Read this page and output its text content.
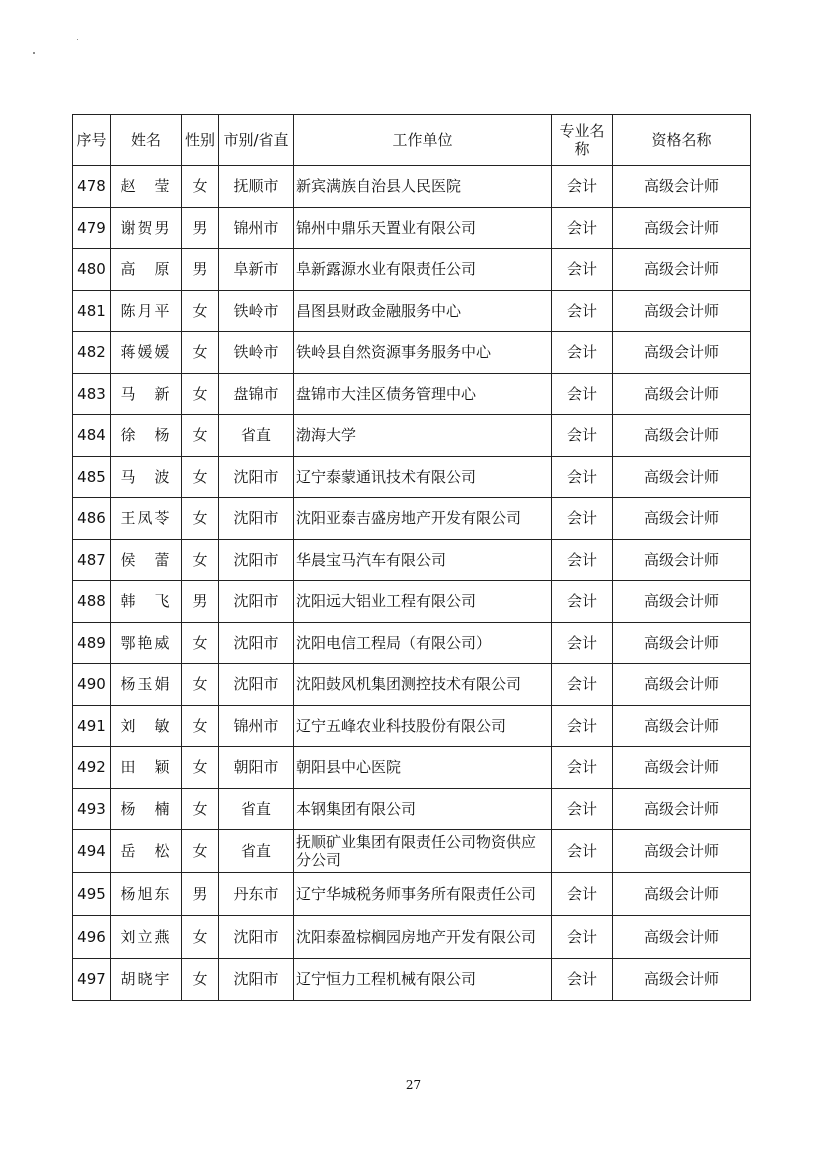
序号	姓名	性别	市别/省直	工作单位	专业名称	资格名称
478	赵　莹	女	抚顺市	新宾满族自治县人民医院	会计	高级会计师
479	谢贺男	男	锦州市	锦州中鼎乐天置业有限公司	会计	高级会计师
480	高　原	男	阜新市	阜新露源水业有限责任公司	会计	高级会计师
481	陈月平	女	铁岭市	昌图县财政金融服务中心	会计	高级会计师
482	蒋媛媛	女	铁岭市	铁岭县自然资源事务服务中心	会计	高级会计师
483	马　新	女	盘锦市	盘锦市大洼区债务管理中心	会计	高级会计师
484	徐　杨	女	省直	渤海大学	会计	高级会计师
485	马　波	女	沈阳市	辽宁泰蒙通讯技术有限公司	会计	高级会计师
486	王凤苓	女	沈阳市	沈阳亚泰吉盛房地产开发有限公司	会计	高级会计师
487	侯　蕾	女	沈阳市	华晨宝马汽车有限公司	会计	高级会计师
488	韩　飞	男	沈阳市	沈阳远大铝业工程有限公司	会计	高级会计师
489	鄂艳威	女	沈阳市	沈阳电信工程局（有限公司）	会计	高级会计师
490	杨玉娟	女	沈阳市	沈阳鼓风机集团测控技术有限公司	会计	高级会计师
491	刘　敏	女	锦州市	辽宁五峰农业科技股份有限公司	会计	高级会计师
492	田　颖	女	朝阳市	朝阳县中心医院	会计	高级会计师
493	杨　楠	女	省直	本钢集团有限公司	会计	高级会计师
494	岳　松	女	省直	抚顺矿业集团有限责任公司物资供应分公司	会计	高级会计师
495	杨旭东	男	丹东市	辽宁华城税务师事务所有限责任公司	会计	高级会计师
496	刘立燕	女	沈阳市	沈阳泰盈棕榈园房地产开发有限公司	会计	高级会计师
497	胡晓宇	女	沈阳市	辽宁恒力工程机械有限公司	会计	高级会计师
27
